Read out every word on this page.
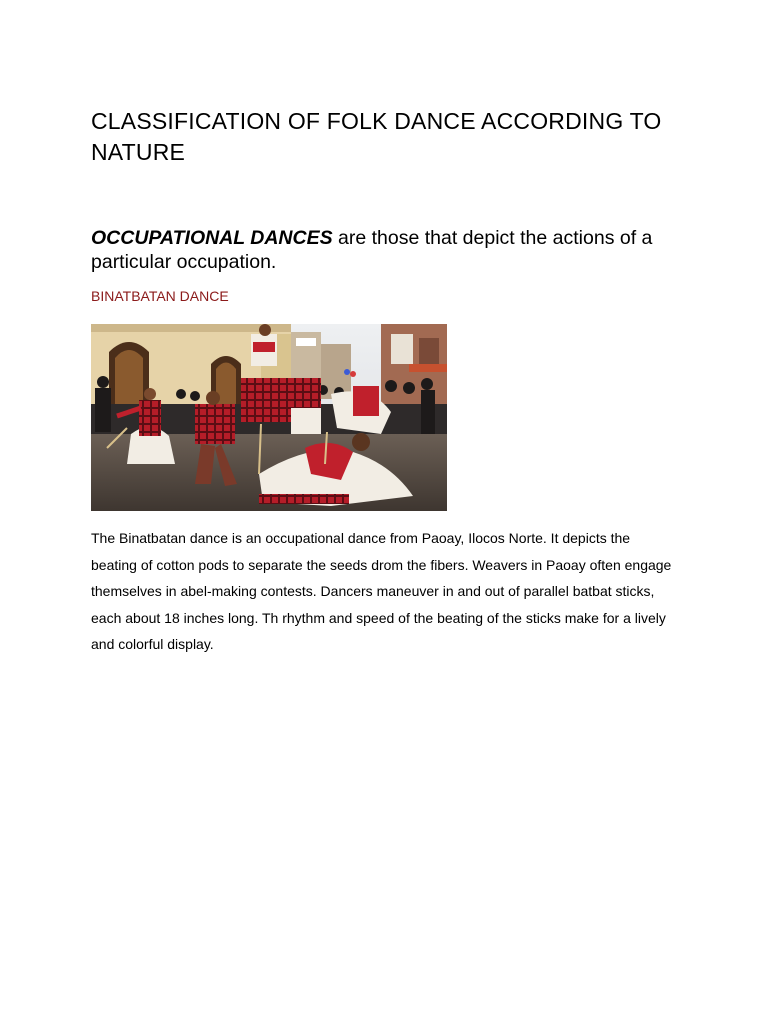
CLASSIFICATION OF FOLK DANCE ACCORDING TO NATURE

OCCUPATIONAL DANCES are those that depict the actions of a particular occupation.

BINATBATAN DANCE

The Binatbatan dance is an occupational dance from Paoay, Ilocos Norte. It depicts the beating of cotton pods to separate the seeds drom the fibers. Weavers in Paoay often engage themselves in abel-making contests. Dancers maneuver in and out of parallel batbat sticks, each about 18 inches long. Th rhythm and speed of the beating of the sticks make for a lively and colorful display.
